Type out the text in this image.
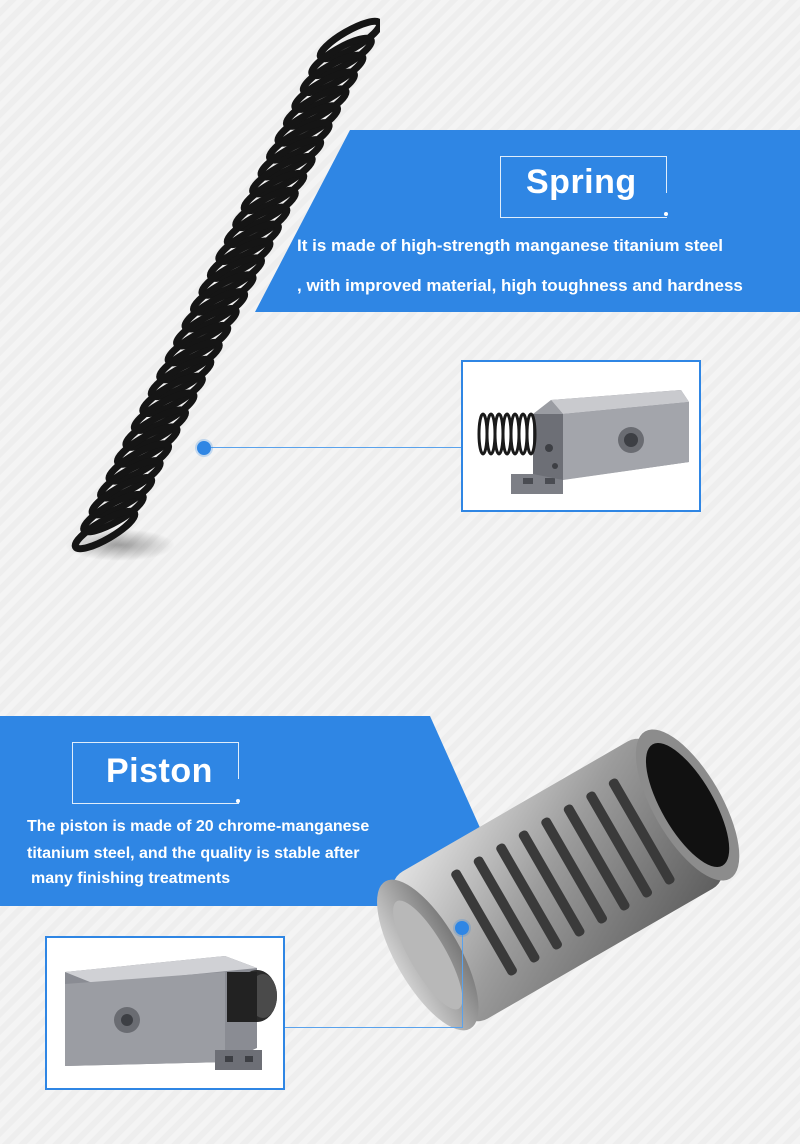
Spring
It is made of high-strength manganese titanium steel
, with improved material, high toughness and hardness
Piston
The piston is made of 20 chrome-manganese
titanium steel, and the quality is stable after
many finishing treatments
